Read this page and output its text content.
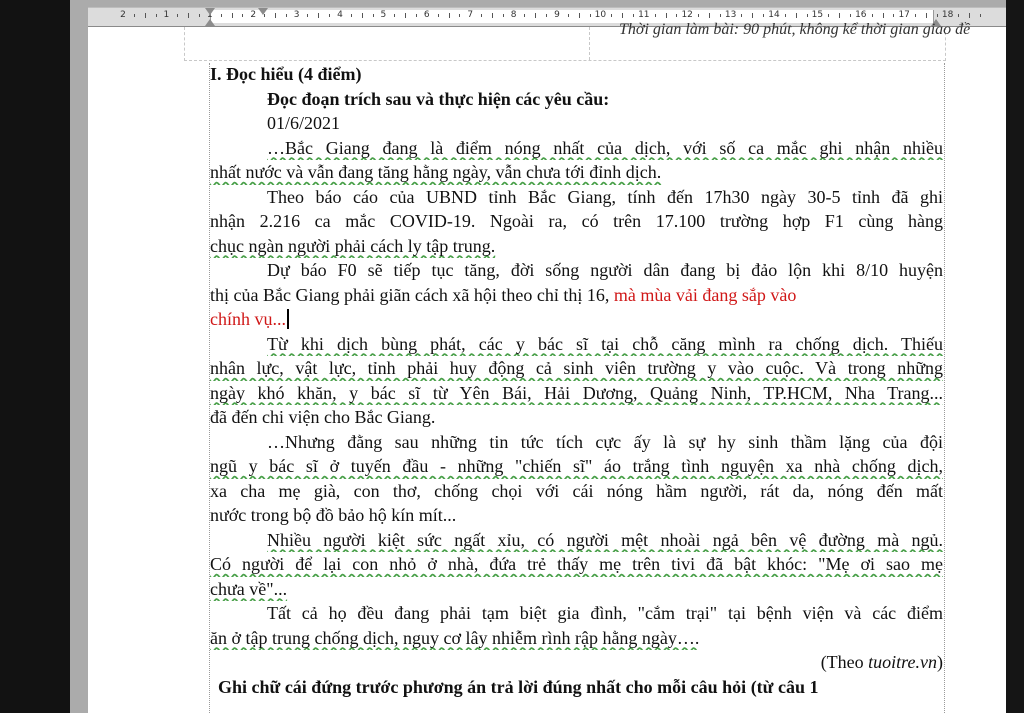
2	1	1	2	3	4	5	6	7	8	9	10	11	12	13	14	15	16	17	18
Thời gian làm bài: 90 phút, không kể thời gian giao đề
I. Đọc hiểu (4 điểm)
Đọc đoạn trích sau và thực hiện các yêu cầu:
01/6/2021
…Bắc Giang đang là điểm nóng nhất của dịch, với số ca mắc ghi nhận nhiều
nhất nước và vẫn đang tăng hằng ngày, vẫn chưa tới đỉnh dịch.
Theo báo cáo của UBND tỉnh Bắc Giang, tính đến 17h30 ngày 30-5 tỉnh đã ghi
nhận 2.216 ca mắc COVID-19. Ngoài ra, có trên 17.100 trường hợp F1 cùng hàng
chục ngàn người phải cách ly tập trung.
Dự báo F0 sẽ tiếp tục tăng, đời sống người dân đang bị đảo lộn khi 8/10 huyện
thị của Bắc Giang phải giãn cách xã hội theo chỉ thị 16, mà mùa vải đang sắp vào
chính vụ...
Từ khi dịch bùng phát, các y bác sĩ tại chỗ căng mình ra chống dịch. Thiếu
nhân lực, vật lực, tỉnh phải huy động cả sinh viên trường y vào cuộc. Và trong những
ngày khó khăn, y bác sĩ từ Yên Bái, Hải Dương, Quảng Ninh, TP.HCM, Nha Trang...
đã đến chi viện cho Bắc Giang.
…Nhưng đằng sau những tin tức tích cực ấy là sự hy sinh thầm lặng của đội
ngũ y bác sĩ ở tuyến đầu - những "chiến sĩ" áo trắng tình nguyện xa nhà chống dịch,
xa cha mẹ già, con thơ, chống chọi với cái nóng hầm người, rát da, nóng đến mất
nước trong bộ đồ bảo hộ kín mít...
Nhiều người kiệt sức ngất xỉu, có người mệt nhoài ngả bên vệ đường mà ngủ.
Có người để lại con nhỏ ở nhà, đứa trẻ thấy mẹ trên tivi đã bật khóc: "Mẹ ơi sao mẹ
chưa về"...
Tất cả họ đều đang phải tạm biệt gia đình, "cắm trại" tại bệnh viện và các điểm
ăn ở tập trung chống dịch, nguy cơ lây nhiễm rình rập hằng ngày….
(Theo tuoitre.vn)
Ghi chữ cái đứng trước phương án trả lời đúng nhất cho mỗi câu hỏi (từ câu 1
